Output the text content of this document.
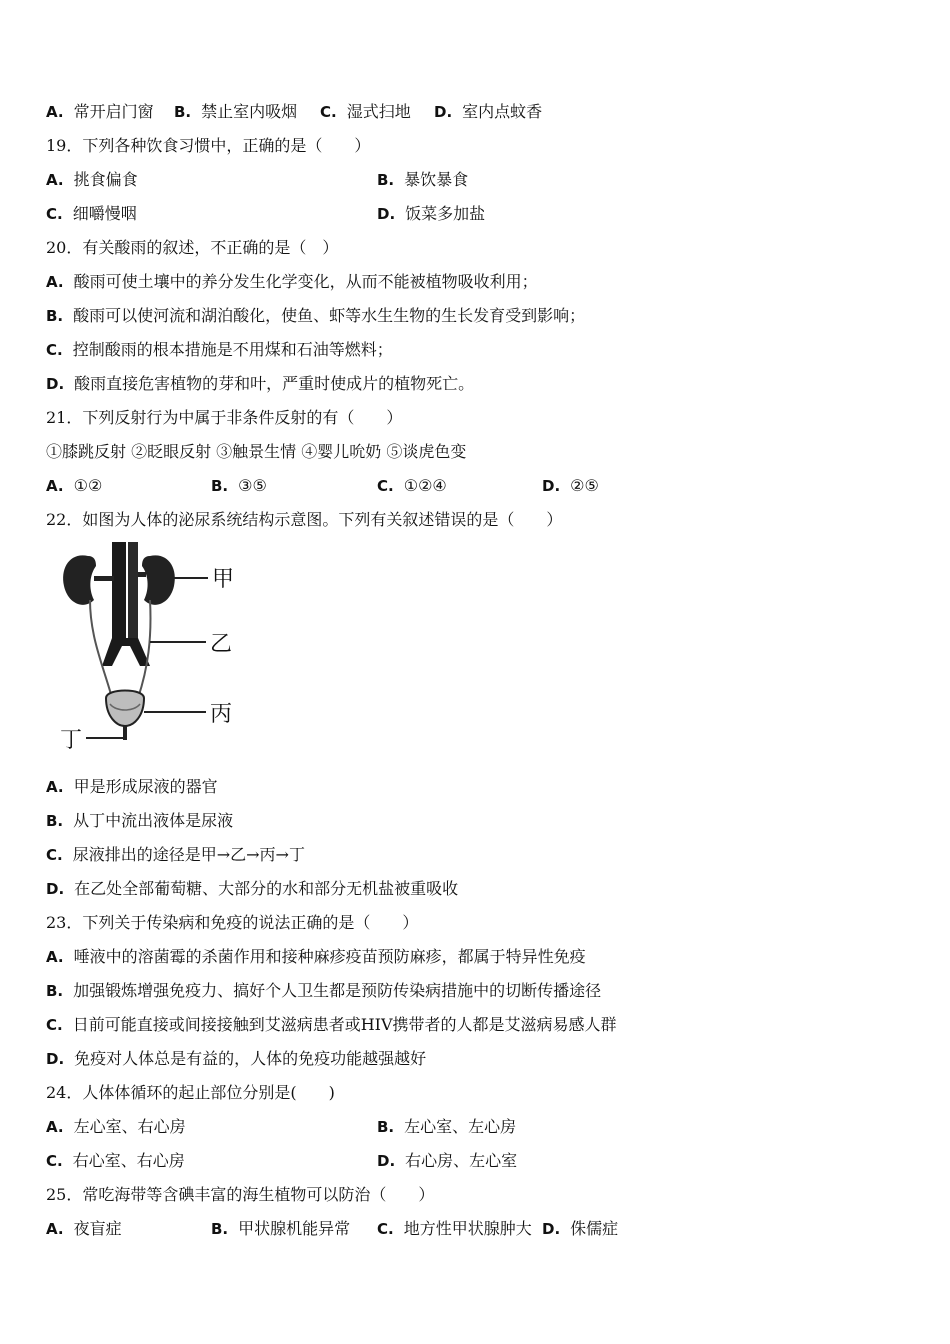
A. 常开启门窗 B. 禁止室内吸烟 C. 湿式扫地 D. 室内点蚊香
19．下列各种饮食习惯中，正确的是（　　）
A. 挑食偏食	B. 暴饮暴食
C. 细嚼慢咽	D. 饭菜多加盐
20．有关酸雨的叙述，不正确的是（　）
A. 酸雨可使土壤中的养分发生化学变化，从而不能被植物吸收利用；
B. 酸雨可以使河流和湖泊酸化，使鱼、虾等水生生物的生长发育受到影响；
C. 控制酸雨的根本措施是不用煤和石油等燃料；
D. 酸雨直接危害植物的芽和叶，严重时使成片的植物死亡。
21．下列反射行为中属于非条件反射的有（　　）
①膝跳反射 ②眨眼反射 ③触景生情 ④婴儿吮奶 ⑤谈虎色变
A. ①②	B. ③⑤	C. ①②④	D. ②⑤
22．如图为人体的泌尿系统结构示意图。下列有关叙述错误的是（　　）
甲
乙
丙
丁
A. 甲是形成尿液的器官
B. 从丁中流出液体是尿液
C. 尿液排出的途径是甲→乙→丙→丁
D. 在乙处全部葡萄糖、大部分的水和部分无机盐被重吸收
23．下列关于传染病和免疫的说法正确的是（　　）
A. 唾液中的溶菌霉的杀菌作用和接种麻疹疫苗预防麻疹，都属于特异性免疫
B. 加强锻炼增强免疫力、搞好个人卫生都是预防传染病措施中的切断传播途径
C. 日前可能直接或间接接触到艾滋病患者或HIV携带者的人都是艾滋病易感人群
D. 免疫对人体总是有益的，人体的免疫功能越强越好
24．人体体循环的起止部位分别是(　　)
A. 左心室、右心房	B. 左心室、左心房
C. 右心室、右心房	D. 右心房、左心室
25．常吃海带等含碘丰富的海生植物可以防治（　　）
A. 夜盲症	B. 甲状腺机能异常 C. 地方性甲状腺肿大 D. 侏儒症
